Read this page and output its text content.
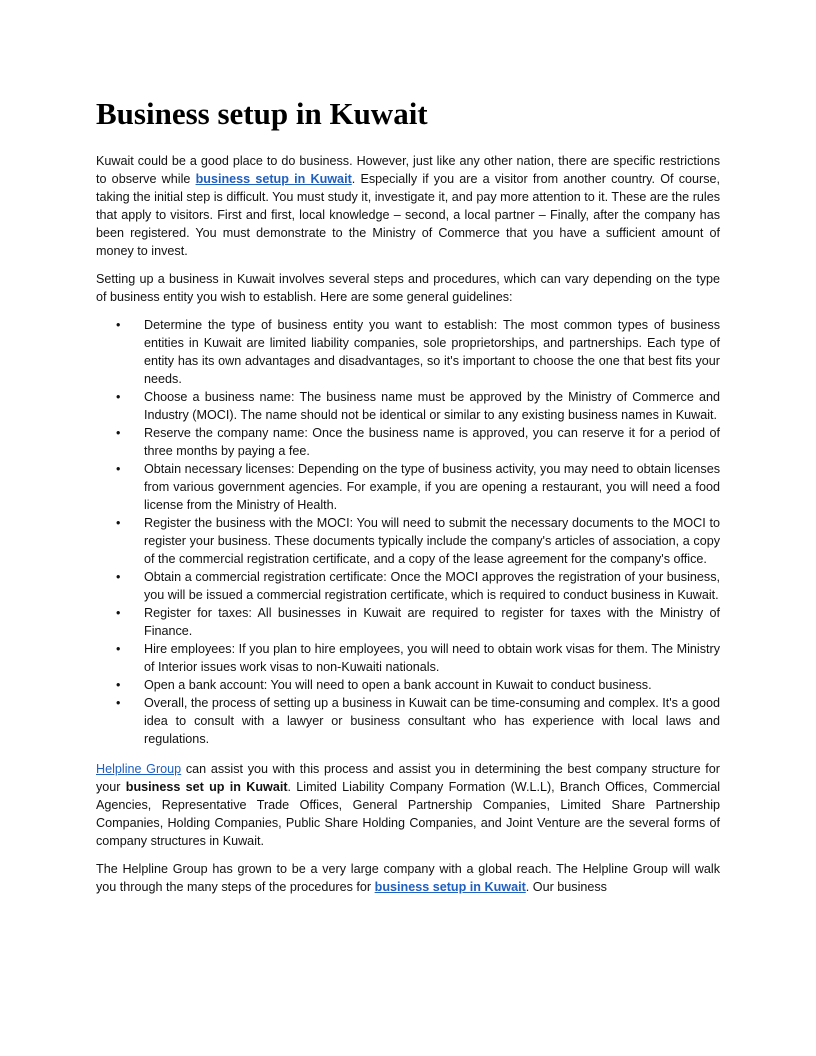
Business setup in Kuwait

Kuwait could be a good place to do business. However, just like any other nation, there are specific restrictions to observe while business setup in Kuwait. Especially if you are a visitor from another country. Of course, taking the initial step is difficult. You must study it, investigate it, and pay more attention to it. These are the rules that apply to visitors. First and first, local knowledge – second, a local partner – Finally, after the company has been registered. You must demonstrate to the Ministry of Commerce that you have a sufficient amount of money to invest.

Setting up a business in Kuwait involves several steps and procedures, which can vary depending on the type of business entity you wish to establish. Here are some general guidelines:

• Determine the type of business entity you want to establish: The most common types of business entities in Kuwait are limited liability companies, sole proprietorships, and partnerships. Each type of entity has its own advantages and disadvantages, so it's important to choose the one that best fits your needs.
• Choose a business name: The business name must be approved by the Ministry of Commerce and Industry (MOCI). The name should not be identical or similar to any existing business names in Kuwait.
• Reserve the company name: Once the business name is approved, you can reserve it for a period of three months by paying a fee.
• Obtain necessary licenses: Depending on the type of business activity, you may need to obtain licenses from various government agencies. For example, if you are opening a restaurant, you will need a food license from the Ministry of Health.
• Register the business with the MOCI: You will need to submit the necessary documents to the MOCI to register your business. These documents typically include the company's articles of association, a copy of the commercial registration certificate, and a copy of the lease agreement for the company's office.
• Obtain a commercial registration certificate: Once the MOCI approves the registration of your business, you will be issued a commercial registration certificate, which is required to conduct business in Kuwait.
• Register for taxes: All businesses in Kuwait are required to register for taxes with the Ministry of Finance.
• Hire employees: If you plan to hire employees, you will need to obtain work visas for them. The Ministry of Interior issues work visas to non-Kuwaiti nationals.
• Open a bank account: You will need to open a bank account in Kuwait to conduct business.
• Overall, the process of setting up a business in Kuwait can be time-consuming and complex. It's a good idea to consult with a lawyer or business consultant who has experience with local laws and regulations.

Helpline Group can assist you with this process and assist you in determining the best company structure for your business set up in Kuwait. Limited Liability Company Formation (W.L.L), Branch Offices, Commercial Agencies, Representative Trade Offices, General Partnership Companies, Limited Share Partnership Companies, Holding Companies, Public Share Holding Companies, and Joint Venture are the several forms of company structures in Kuwait.

The Helpline Group has grown to be a very large company with a global reach. The Helpline Group will walk you through the many steps of the procedures for business setup in Kuwait. Our business
